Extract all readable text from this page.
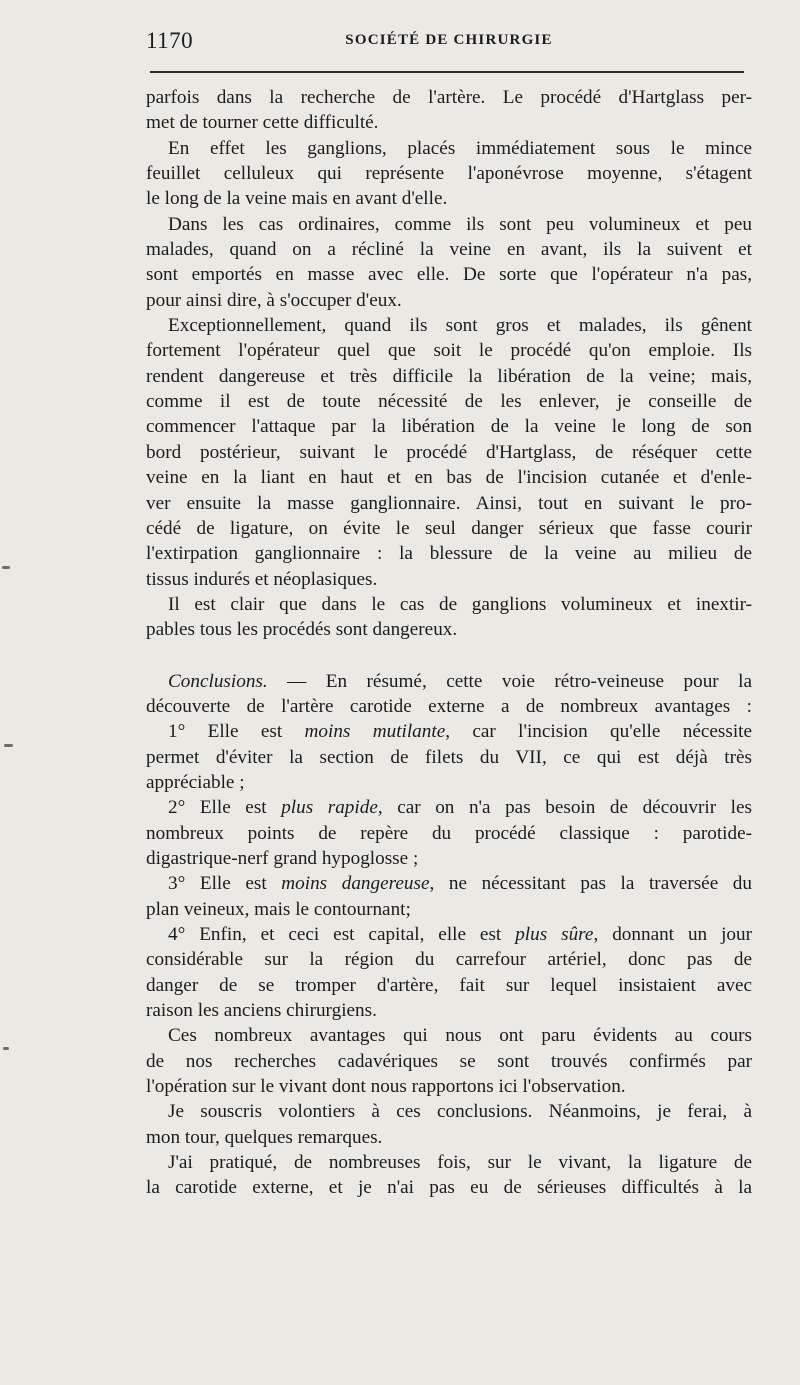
1170	SOCIÉTÉ DE CHIRURGIE
parfois dans la recherche de l'artère. Le procédé d'Hartglass per-
met de tourner cette difficulté.
En effet les ganglions, placés immédiatement sous le mince
feuillet celluleux qui représente l'aponévrose moyenne, s'étagent
le long de la veine mais en avant d'elle.
Dans les cas ordinaires, comme ils sont peu volumineux et peu
malades, quand on a récliné la veine en avant, ils la suivent et
sont emportés en masse avec elle. De sorte que l'opérateur n'a pas,
pour ainsi dire, à s'occuper d'eux.
Exceptionnellement, quand ils sont gros et malades, ils gênent
fortement l'opérateur quel que soit le procédé qu'on emploie. Ils
rendent dangereuse et très difficile la libération de la veine; mais,
comme il est de toute nécessité de les enlever, je conseille de
commencer l'attaque par la libération de la veine le long de son
bord postérieur, suivant le procédé d'Hartglass, de réséquer cette
veine en la liant en haut et en bas de l'incision cutanée et d'enle-
ver ensuite la masse ganglionnaire. Ainsi, tout en suivant le pro-
cédé de ligature, on évite le seul danger sérieux que fasse courir
l'extirpation ganglionnaire : la blessure de la veine au milieu de
tissus indurés et néoplasiques.
Il est clair que dans le cas de ganglions volumineux et inextir-
pables tous les procédés sont dangereux.
Conclusions. — En résumé, cette voie rétro-veineuse pour la
découverte de l'artère carotide externe a de nombreux avantages :
1° Elle est moins mutilante, car l'incision qu'elle nécessite
permet d'éviter la section de filets du VII, ce qui est déjà très
appréciable ;
2° Elle est plus rapide, car on n'a pas besoin de découvrir les
nombreux points de repère du procédé classique : parotide-
digastrique-nerf grand hypoglosse ;
3° Elle est moins dangereuse, ne nécessitant pas la traversée du
plan veineux, mais le contournant;
4° Enfin, et ceci est capital, elle est plus sûre, donnant un jour
considérable sur la région du carrefour artériel, donc pas de
danger de se tromper d'artère, fait sur lequel insistaient avec
raison les anciens chirurgiens.
Ces nombreux avantages qui nous ont paru évidents au cours
de nos recherches cadavériques se sont trouvés confirmés par
l'opération sur le vivant dont nous rapportons ici l'observation.
Je souscris volontiers à ces conclusions. Néanmoins, je ferai, à
mon tour, quelques remarques.
J'ai pratiqué, de nombreuses fois, sur le vivant, la ligature de
la carotide externe, et je n'ai pas eu de sérieuses difficultés à la
